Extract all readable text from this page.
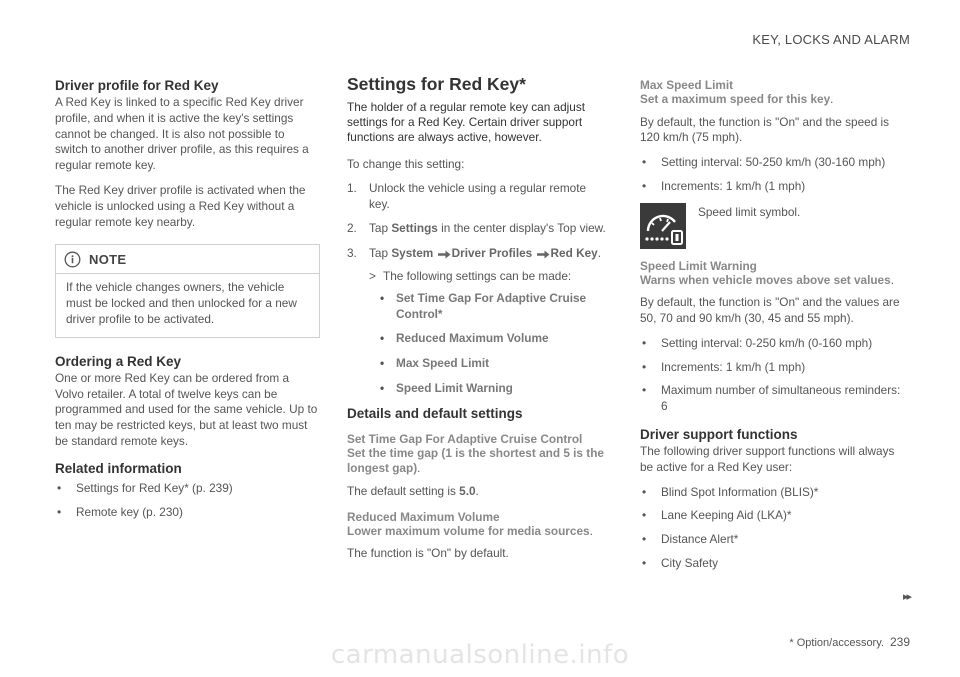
KEY, LOCKS AND ALARM
Driver profile for Red Key

A Red Key is linked to a specific Red Key driver profile, and when it is active the key's settings cannot be changed. It is also not possible to switch to another driver profile, as this requires a regular remote key.

The Red Key driver profile is activated when the vehicle is unlocked using a Red Key without a regular remote key nearby.

NOTE
If the vehicle changes owners, the vehicle must be locked and then unlocked for a new driver profile to be activated.
Ordering a Red Key

One or more Red Key can be ordered from a Volvo retailer. A total of twelve keys can be programmed and used for the same vehicle. Up to ten may be restricted keys, but at least two must be standard remote keys.

Related information
• Settings for Red Key* (p. 239)
• Remote key (p. 230)
Settings for Red Key*

The holder of a regular remote key can adjust settings for a Red Key. Certain driver support functions are always active, however.

To change this setting:

1. Unlock the vehicle using a regular remote key.
2. Tap Settings in the center display's Top view.
3. Tap System Driver Profiles Red Key.

> The following settings can be made:

• Set Time Gap For Adaptive Cruise Control*
• Reduced Maximum Volume
• Max Speed Limit
• Speed Limit Warning
Details and default settings
Set Time Gap For Adaptive Cruise Control
Set the time gap (1 is the shortest and 5 is the longest gap).

The default setting is 5.0.

Reduced Maximum Volume
Lower maximum volume for media sources.

The function is "On" by default.

Max Speed Limit
Set a maximum speed for this key.

By default, the function is "On" and the speed is 120 km/h (75 mph).

• Setting interval: 50-250 km/h (30-160 mph)
• Increments: 1 km/h (1 mph)

Speed limit symbol.

Speed Limit Warning
Warns when vehicle moves above set values.

By default, the function is "On" and the values are 50, 70 and 90 km/h (30, 45 and 55 mph).

• Setting interval: 0-250 km/h (0-160 mph)
• Increments: 1 km/h (1 mph)
• Maximum number of simultaneous reminders: 6
Driver support functions

The following driver support functions will always be active for a Red Key user:

• Blind Spot Information (BLIS)*
• Lane Keeping Aid (LKA)*
• Distance Alert*
• City Safety
▸▸
* Option/accessory. 239
carmanualsonline.info
